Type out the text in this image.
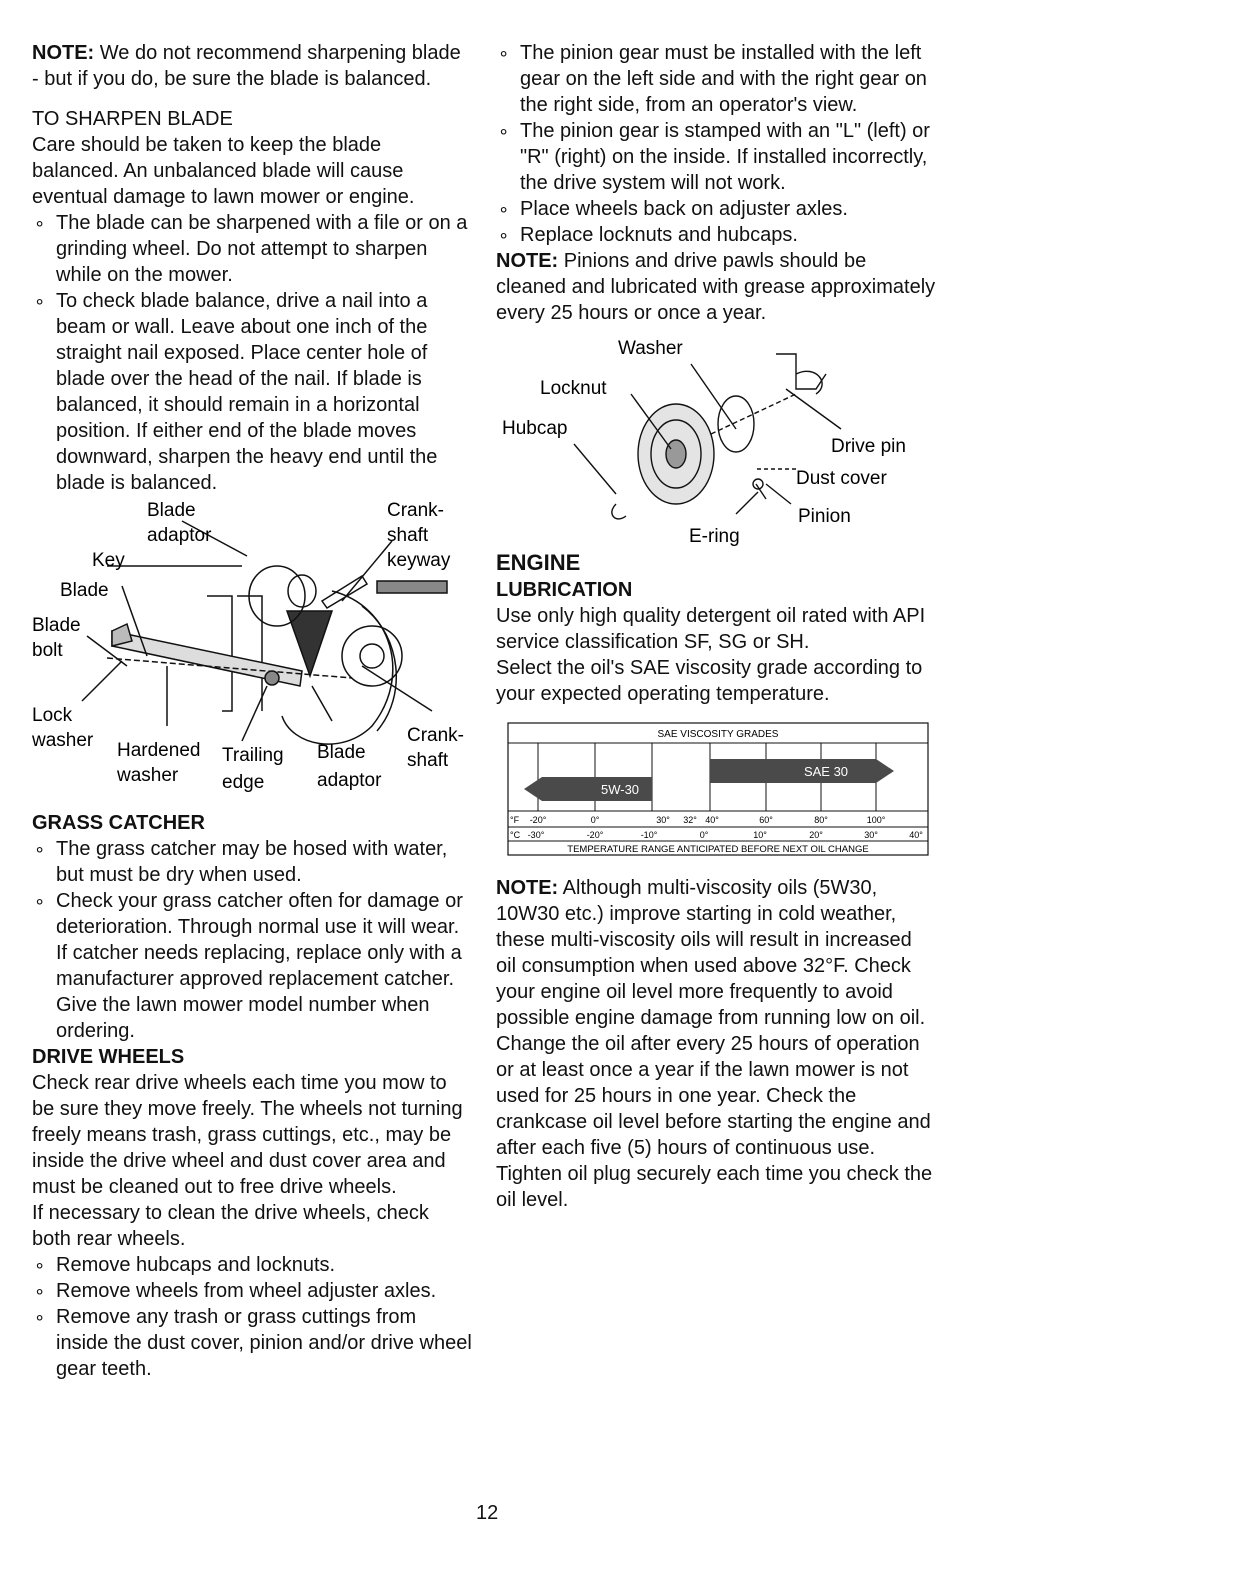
NOTE: We do not recommend sharpening blade - but if you do, be sure the blade is balanced.

TO SHARPEN BLADE

Care should be taken to keep the blade balanced. An unbalanced blade will cause eventual damage to lawn mower or engine.

∘ The blade can be sharpened with a file or on a grinding wheel. Do not attempt to sharpen while on the mower.
∘ To check blade balance, drive a nail into a beam or wall. Leave about one inch of the straight nail exposed. Place center hole of blade over the head of the nail. If blade is balanced, it should remain in a horizontal position. If either end of the blade moves downward, sharpen the heavy end until the blade is balanced.
Blade
adaptor
Crank-
shaft
keyway
Key
Blade
Blade
bolt
Lock
washer Hardened
washer
Trailing
edge
Blade
adaptor
Crank-
shaft

GRASS CATCHER

∘ The grass catcher may be hosed with water, but must be dry when used.
∘ Check your grass catcher often for damage or deterioration. Through normal use it will wear. If catcher needs replacing, replace only with a manufacturer approved replacement catcher. Give the lawn mower model number when ordering.

DRIVE WHEELS

Check rear drive wheels each time you mow to be sure they move freely. The wheels not turning freely means trash, grass cuttings, etc., may be inside the drive wheel and dust cover area and must be cleaned out to free drive wheels.

If necessary to clean the drive wheels, check both rear wheels.

∘ Remove hubcaps and locknuts.
∘ Remove wheels from wheel adjuster axles.
∘ Remove any trash or grass cuttings from inside the dust cover, pinion and/or drive wheel gear teeth.
∘ The pinion gear must be installed with the left gear on the left side and with the right gear on the right side, from an operator's view.
∘ The pinion gear is stamped with an "L" (left) or "R" (right) on the inside. If installed incorrectly, the drive system will not work.
∘ Place wheels back on adjuster axles.
∘ Replace locknuts and hubcaps.

NOTE: Pinions and drive pawls should be cleaned and lubricated with grease approximately every 25 hours or once a year.

Washer
Locknut
Hubcap
Drive pin
Dust cover
Pinion
E-ring

ENGINE

LUBRICATION

Use only high quality detergent oil rated with API service classification SF, SG or SH.

Select the oil's SAE viscosity grade according to your expected operating temperature.

SAE VISCOSITY GRADES
SAE 30
5W-30
°F
°C
-20°	0°	30° 32° 40°	60°	80°	100°
-30°	-20°	-10°	0°	10°	20°	30°	40°
TEMPERATURE RANGE ANTICIPATED BEFORE NEXT OIL CHANGE

NOTE: Although multi-viscosity oils (5W30, 10W30 etc.) improve starting in cold weather, these multi-viscosity oils will result in increased oil consumption when used above 32°F. Check your engine oil level more frequently to avoid possible engine damage from running low on oil.

Change the oil after every 25 hours of operation or at least once a year if the lawn mower is not used for 25 hours in one year. Check the crankcase oil level before starting the engine and after each five (5) hours of continuous use. Tighten oil plug securely each time you check the oil level.

12
